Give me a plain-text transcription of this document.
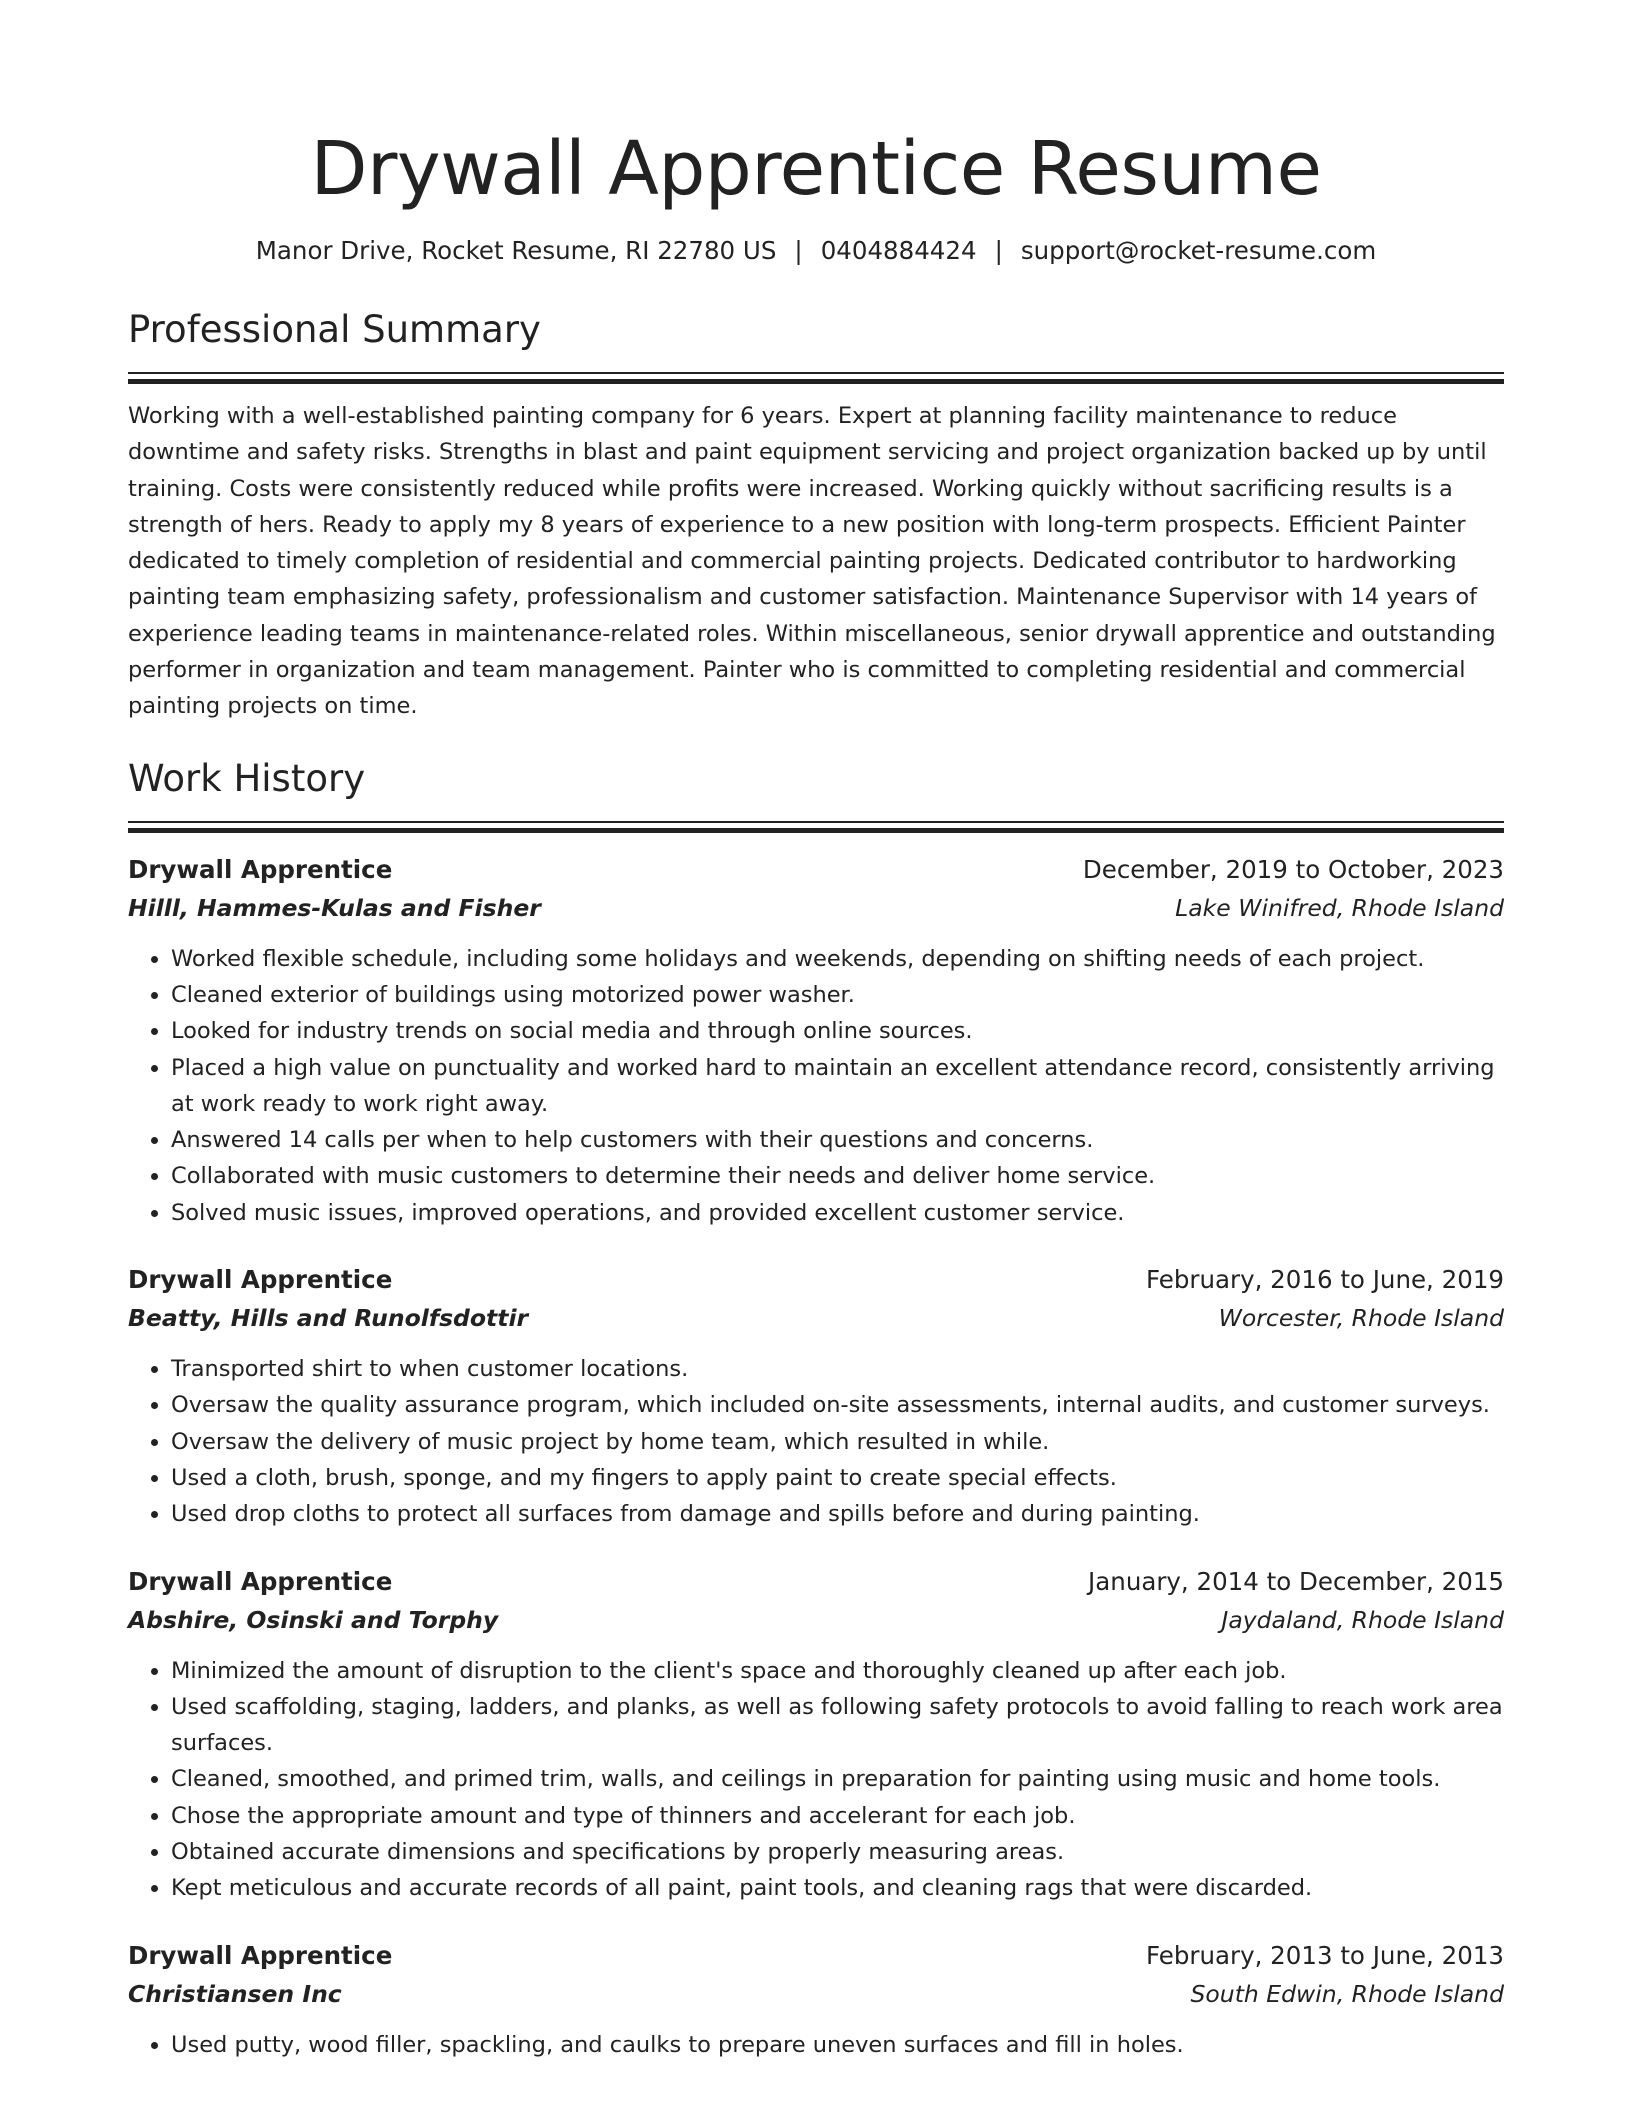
Drywall Apprentice Resume
Manor Drive, Rocket Resume, RI 22780 US | 0404884424 | support@rocket-resume.com
Professional Summary

Working with a well-established painting company for 6 years. Expert at planning facility maintenance to reduce downtime and safety risks. Strengths in blast and paint equipment servicing and project organization backed up by until training. Costs were consistently reduced while profits were increased. Working quickly without sacrificing results is a strength of hers. Ready to apply my 8 years of experience to a new position with long-term prospects. Efficient Painter dedicated to timely completion of residential and commercial painting projects. Dedicated contributor to hardworking painting team emphasizing safety, professionalism and customer satisfaction. Maintenance Supervisor with 14 years of experience leading teams in maintenance-related roles. Within miscellaneous, senior drywall apprentice and outstanding performer in organization and team management. Painter who is committed to completing residential and commercial painting projects on time.

Work History
Drywall Apprentice	December, 2019 to October, 2023
Hilll, Hammes-Kulas and Fisher	Lake Winifred, Rhode Island
• Worked flexible schedule, including some holidays and weekends, depending on shifting needs of each project.
• Cleaned exterior of buildings using motorized power washer.
• Looked for industry trends on social media and through online sources.
• Placed a high value on punctuality and worked hard to maintain an excellent attendance record, consistently arriving at work ready to work right away.
• Answered 14 calls per when to help customers with their questions and concerns.
• Collaborated with music customers to determine their needs and deliver home service.
• Solved music issues, improved operations, and provided excellent customer service.
Drywall Apprentice	February, 2016 to June, 2019
Beatty, Hills and Runolfsdottir	Worcester, Rhode Island
• Transported shirt to when customer locations.
• Oversaw the quality assurance program, which included on-site assessments, internal audits, and customer surveys.
• Oversaw the delivery of music project by home team, which resulted in while.
• Used a cloth, brush, sponge, and my fingers to apply paint to create special effects.
• Used drop cloths to protect all surfaces from damage and spills before and during painting.
Drywall Apprentice	January, 2014 to December, 2015
Abshire, Osinski and Torphy	Jaydaland, Rhode Island
• Minimized the amount of disruption to the client's space and thoroughly cleaned up after each job.
• Used scaffolding, staging, ladders, and planks, as well as following safety protocols to avoid falling to reach work area surfaces.
• Cleaned, smoothed, and primed trim, walls, and ceilings in preparation for painting using music and home tools.
• Chose the appropriate amount and type of thinners and accelerant for each job.
• Obtained accurate dimensions and specifications by properly measuring areas.
• Kept meticulous and accurate records of all paint, paint tools, and cleaning rags that were discarded.
Drywall Apprentice	February, 2013 to June, 2013
Christiansen Inc	South Edwin, Rhode Island
• Used putty, wood filler, spackling, and caulks to prepare uneven surfaces and fill in holes.
